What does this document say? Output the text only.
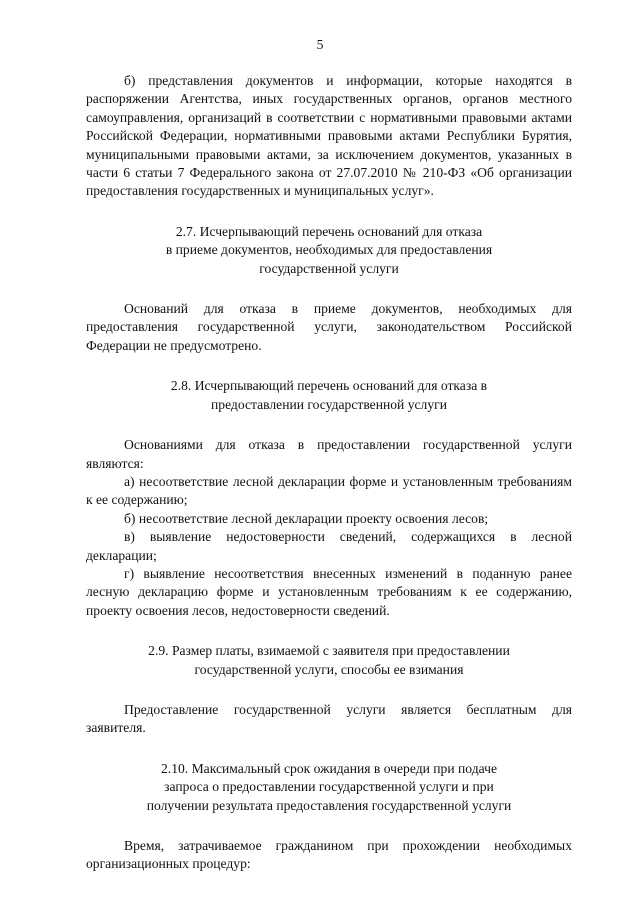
5

б) представления документов и информации, которые находятся в распоряжении Агентства, иных государственных органов, органов местного самоуправления, организаций в соответствии с нормативными правовыми актами Российской Федерации, нормативными правовыми актами Республики Бурятия, муниципальными правовыми актами, за исключением документов, указанных в части 6 статьи 7 Федерального закона от 27.07.2010 № 210-ФЗ «Об организации предоставления государственных и муниципальных услуг».

2.7. Исчерпывающий перечень оснований для отказа
в приеме документов, необходимых для предоставления
государственной услуги

Оснований для отказа в приеме документов, необходимых для предоставления государственной услуги, законодательством Российской Федерации не предусмотрено.

2.8. Исчерпывающий перечень оснований для отказа в
предоставлении государственной услуги

Основаниями для отказа в предоставлении государственной услуги являются:

а) несоответствие лесной декларации форме и установленным требованиям к ее содержанию;

б) несоответствие лесной декларации проекту освоения лесов;

в) выявление недостоверности сведений, содержащихся в лесной декларации;

г) выявление несоответствия внесенных изменений в поданную ранее лесную декларацию форме и установленным требованиям к ее содержанию, проекту освоения лесов, недостоверности сведений.

2.9. Размер платы, взимаемой с заявителя при предоставлении
государственной услуги, способы ее взимания

Предоставление государственной услуги является бесплатным для заявителя.

2.10. Максимальный срок ожидания в очереди при подаче
запроса о предоставлении государственной услуги и при
получении результата предоставления государственной услуги

Время, затрачиваемое гражданином при прохождении необходимых организационных процедур:
